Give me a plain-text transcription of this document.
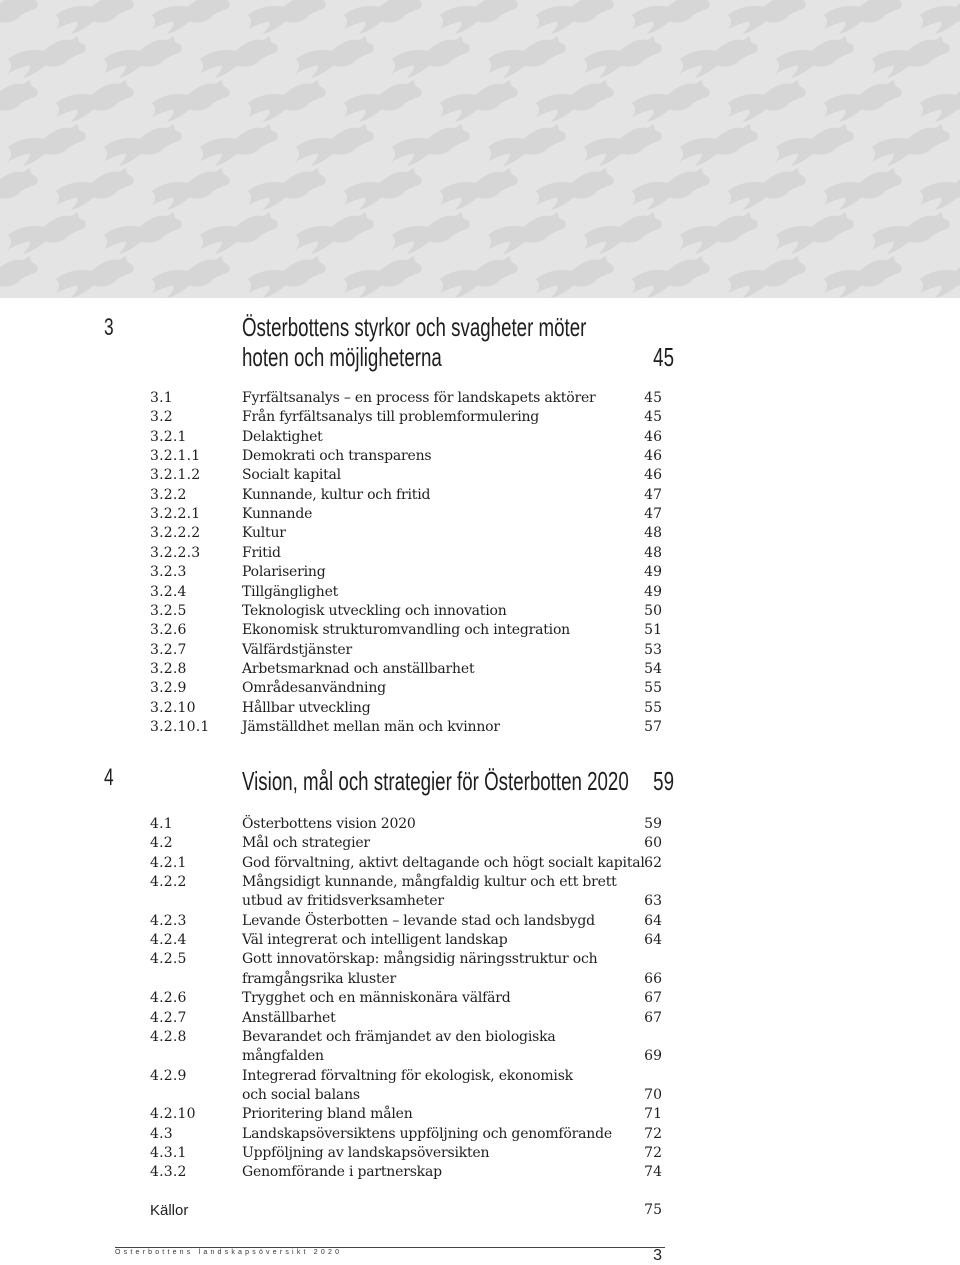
3	Österbottens styrkor och svagheter möter
hoten och möjligheterna	45
3.1	Fyrfältsanalys – en process för landskapets aktörer	45
3.2	Från fyrfältsanalys till problemformulering	45
3.2.1	Delaktighet	46
3.2.1.1	Demokrati och transparens	46
3.2.1.2	Socialt kapital	46
3.2.2	Kunnande, kultur och fritid	47
3.2.2.1	Kunnande	47
3.2.2.2	Kultur	48
3.2.2.3	Fritid	48
3.2.3	Polarisering	49
3.2.4	Tillgänglighet	49
3.2.5	Teknologisk utveckling och innovation	50
3.2.6	Ekonomisk strukturomvandling och integration	51
3.2.7	Välfärdstjänster	53
3.2.8	Arbetsmarknad och anställbarhet	54
3.2.9	Områdesanvändning	55
3.2.10	Hållbar utveckling	55
3.2.10.1 Jämställdhet mellan män och kvinnor	57
4	Vision, mål och strategier för Österbotten 2020 59
4.1	Österbottens vision 2020	59
4.2	Mål och strategier	60
4.2.1	God förvaltning, aktivt deltagande och högt socialt kapital 62
4.2.2	Mångsidigt kunnande, mångfaldig kultur och ett brett
utbud av fritidsverksamheter	63
4.2.3	Levande Österbotten – levande stad och landsbygd	64
4.2.4	Väl integrerat och intelligent landskap	64
4.2.5	Gott innovatörskap: mångsidig näringsstruktur och
framgångsrika kluster	66
4.2.6	Trygghet och en människonära välfärd	67
4.2.7	Anställbarhet	67
4.2.8	Bevarandet och främjandet av den biologiska
mångfalden	69
4.2.9	Integrerad förvaltning för ekologisk, ekonomisk
och social balans	70
4.2.10	Prioritering bland målen	71
4.3	Landskapsöversiktens uppföljning och genomförande	72
4.3.1	Uppföljning av landskapsöversikten	72
4.3.2	Genomförande i partnerskap	74
Källor	75
Österbottens landskapsöversikt 2020	3
